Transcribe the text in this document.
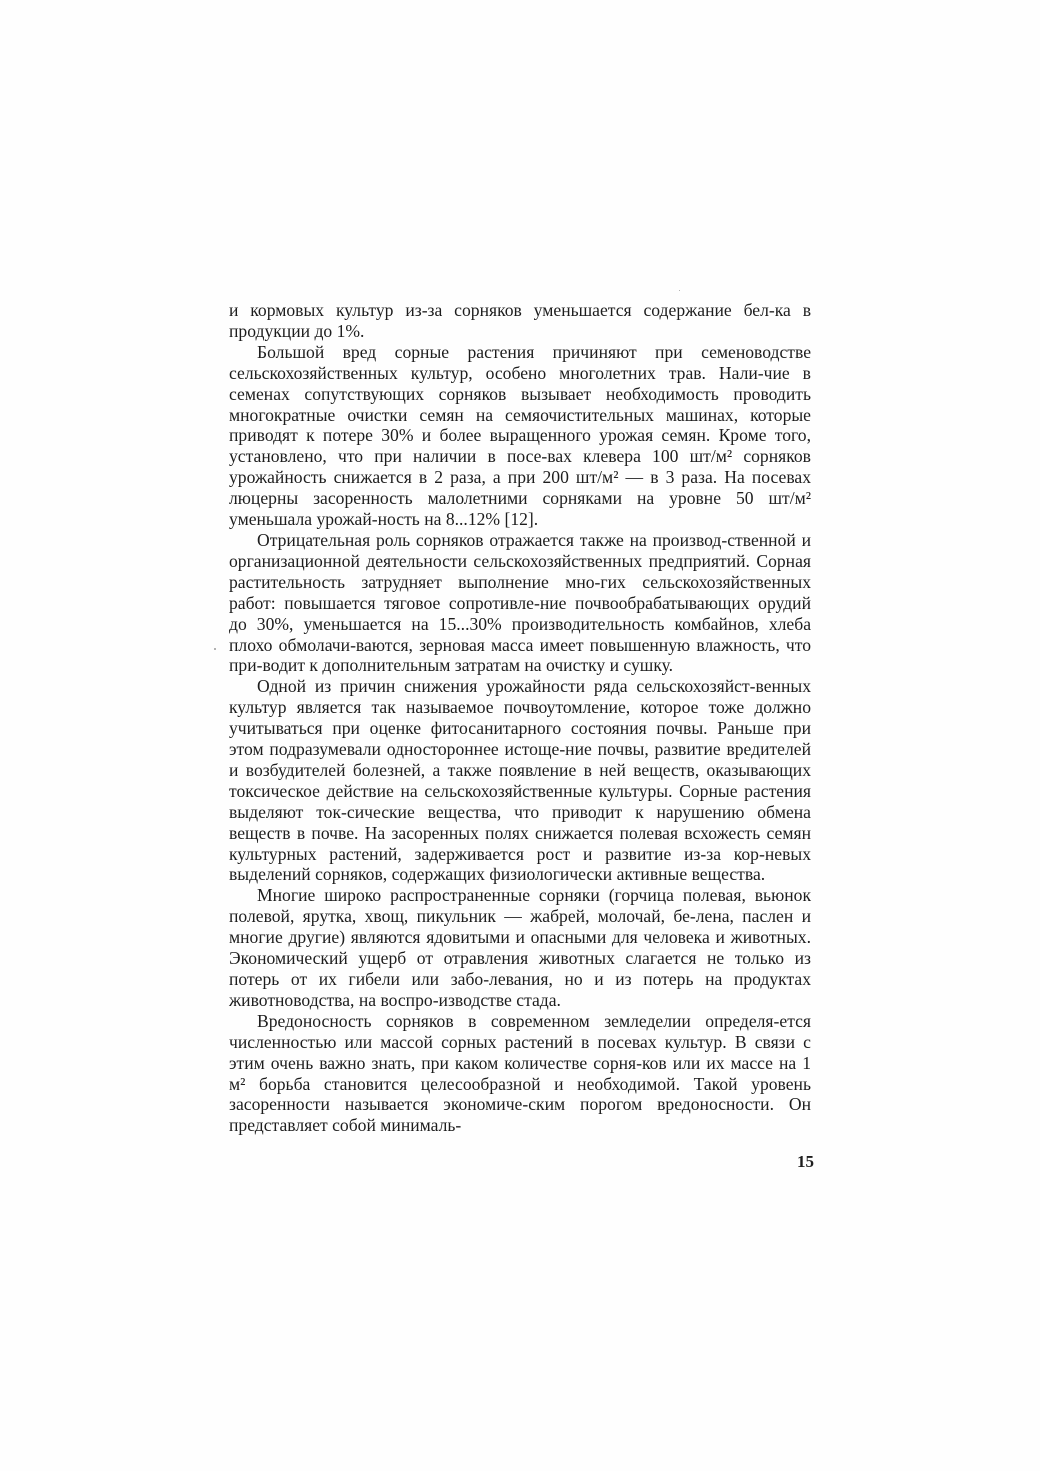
и кормовых культур из-за сорняков уменьшается содержание бел-ка в продукции до 1%.

Большой вред сорные растения причиняют при семеноводстве сельскохозяйственных культур, особено многолетних трав. Нали-чие в семенах сопутствующих сорняков вызывает необходимость проводить многократные очистки семян на семяочистительных машинах, которые приводят к потере 30% и более выращенного урожая семян. Кроме того, установлено, что при наличии в посе-вах клевера 100 шт/м² сорняков урожайность снижается в 2 раза, а при 200 шт/м² — в 3 раза. На посевах люцерны засоренность малолетними сорняками на уровне 50 шт/м² уменьшала урожай-ность на 8...12% [12].

Отрицательная роль сорняков отражается также на производ-ственной и организационной деятельности сельскохозяйственных предприятий. Сорная растительность затрудняет выполнение мно-гих сельскохозяйственных работ: повышается тяговое сопротивле-ние почвообрабатывающих орудий до 30%, уменьшается на 15...30% производительность комбайнов, хлеба плохо обмолачи-ваются, зерновая масса имеет повышенную влажность, что при-водит к дополнительным затратам на очистку и сушку.

Одной из причин снижения урожайности ряда сельскохозяйст-венных культур является так называемое почвоутомление, которое тоже должно учитываться при оценке фитосанитарного состояния почвы. Раньше при этом подразумевали одностороннее истоще-ние почвы, развитие вредителей и возбудителей болезней, а также появление в ней веществ, оказывающих токсическое действие на сельскохозяйственные культуры. Сорные растения выделяют ток-сические вещества, что приводит к нарушению обмена веществ в почве. На засоренных полях снижается полевая всхожесть семян культурных растений, задерживается рост и развитие из-за кор-невых выделений сорняков, содержащих физиологически активные вещества.

Многие широко распространенные сорняки (горчица полевая, вьюнок полевой, ярутка, хвощ, пикульник — жабрей, молочай, бе-лена, паслен и многие другие) являются ядовитыми и опасными для человека и животных. Экономический ущерб от отравления животных слагается не только из потерь от их гибели или забо-левания, но и из потерь на продуктах животноводства, на воспро-изводстве стада.

Вредоносность сорняков в современном земледелии определя-ется численностью или массой сорных растений в посевах культур. В связи с этим очень важно знать, при каком количестве сорня-ков или их массе на 1 м² борьба становится целесообразной и необходимой. Такой уровень засоренности называется экономиче-ским порогом вредоносности. Он представляет собой минималь-

15
